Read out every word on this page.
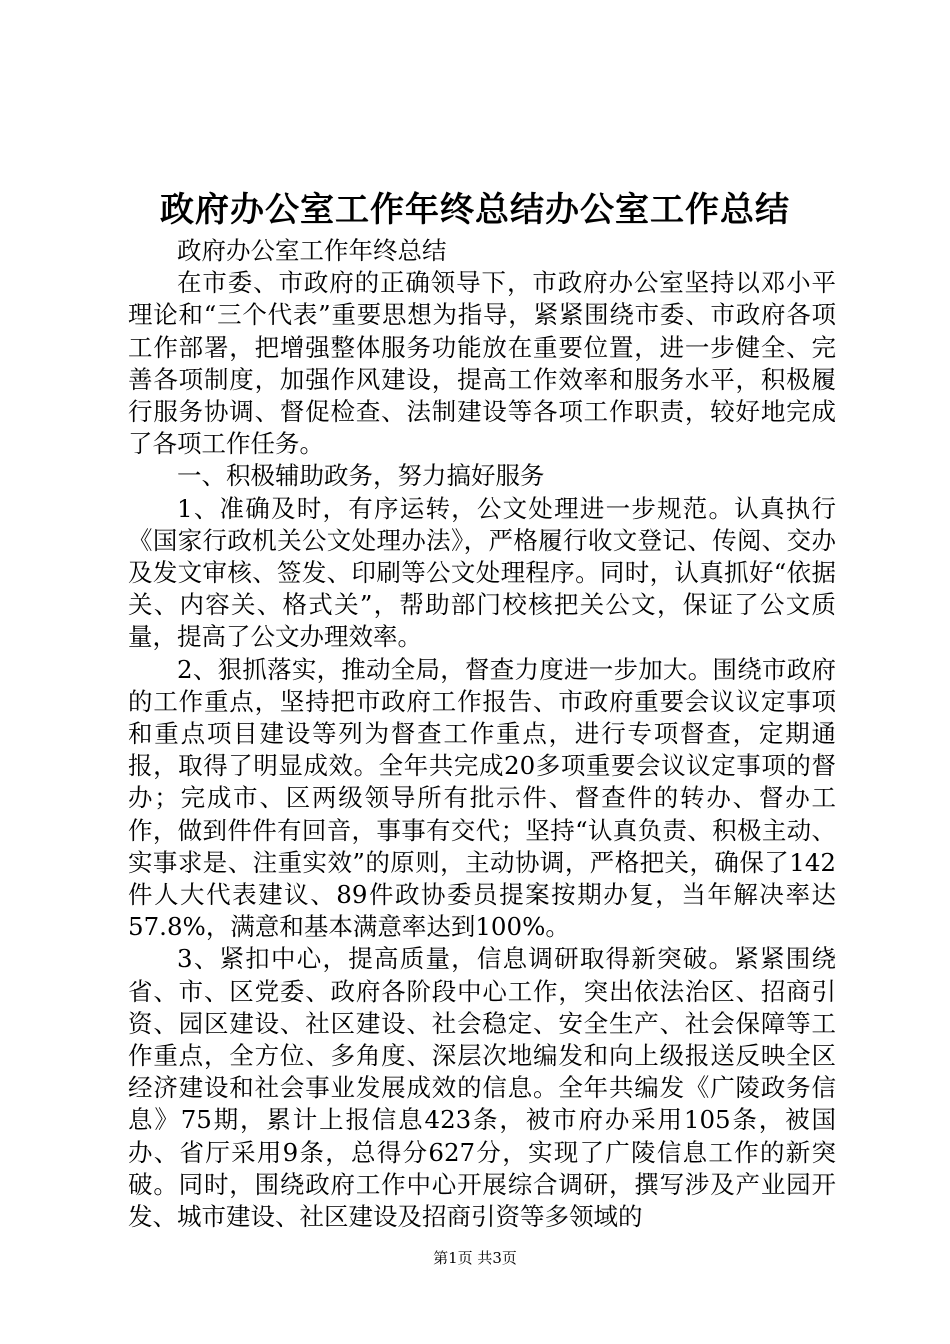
政府办公室工作年终总结办公室工作总结

政府办公室工作年终总结

在市委、市政府的正确领导下，市政府办公室坚持以邓小平理论和“三个代表”重要思想为指导，紧紧围绕市委、市政府各项工作部署，把增强整体服务功能放在重要位置，进一步健全、完善各项制度，加强作风建设，提高工作效率和服务水平，积极履行服务协调、督促检查、法制建设等各项工作职责，较好地完成了各项工作任务。

一、积极辅助政务，努力搞好服务

1、准确及时，有序运转，公文处理进一步规范。认真执行《国家行政机关公文处理办法》，严格履行收文登记、传阅、交办及发文审核、签发、印刷等公文处理程序。同时，认真抓好“依据关、内容关、格式关”，帮助部门校核把关公文，保证了公文质量，提高了公文办理效率。

2、狠抓落实，推动全局，督查力度进一步加大。围绕市政府的工作重点，坚持把市政府工作报告、市政府重要会议议定事项和重点项目建设等列为督查工作重点，进行专项督查，定期通报，取得了明显成效。全年共完成20多项重要会议议定事项的督办；完成市、区两级领导所有批示件、督查件的转办、督办工作，做到件件有回音，事事有交代；坚持“认真负责、积极主动、实事求是、注重实效”的原则，主动协调，严格把关，确保了142件人大代表建议、89件政协委员提案按期办复，当年解决率达57.8%，满意和基本满意率达到100%。

3、紧扣中心，提高质量，信息调研取得新突破。紧紧围绕省、市、区党委、政府各阶段中心工作，突出依法治区、招商引资、园区建设、社区建设、社会稳定、安全生产、社会保障等工作重点，全方位、多角度、深层次地编发和向上级报送反映全区经济建设和社会事业发展成效的信息。全年共编发《广陵政务信息》75期，累计上报信息423条，被市府办采用105条，被国办、省厅采用9条，总得分627分，实现了广陵信息工作的新突破。同时，围绕政府工作中心开展综合调研，撰写涉及产业园开发、城市建设、社区建设及招商引资等多领域的

第1页 共3页
